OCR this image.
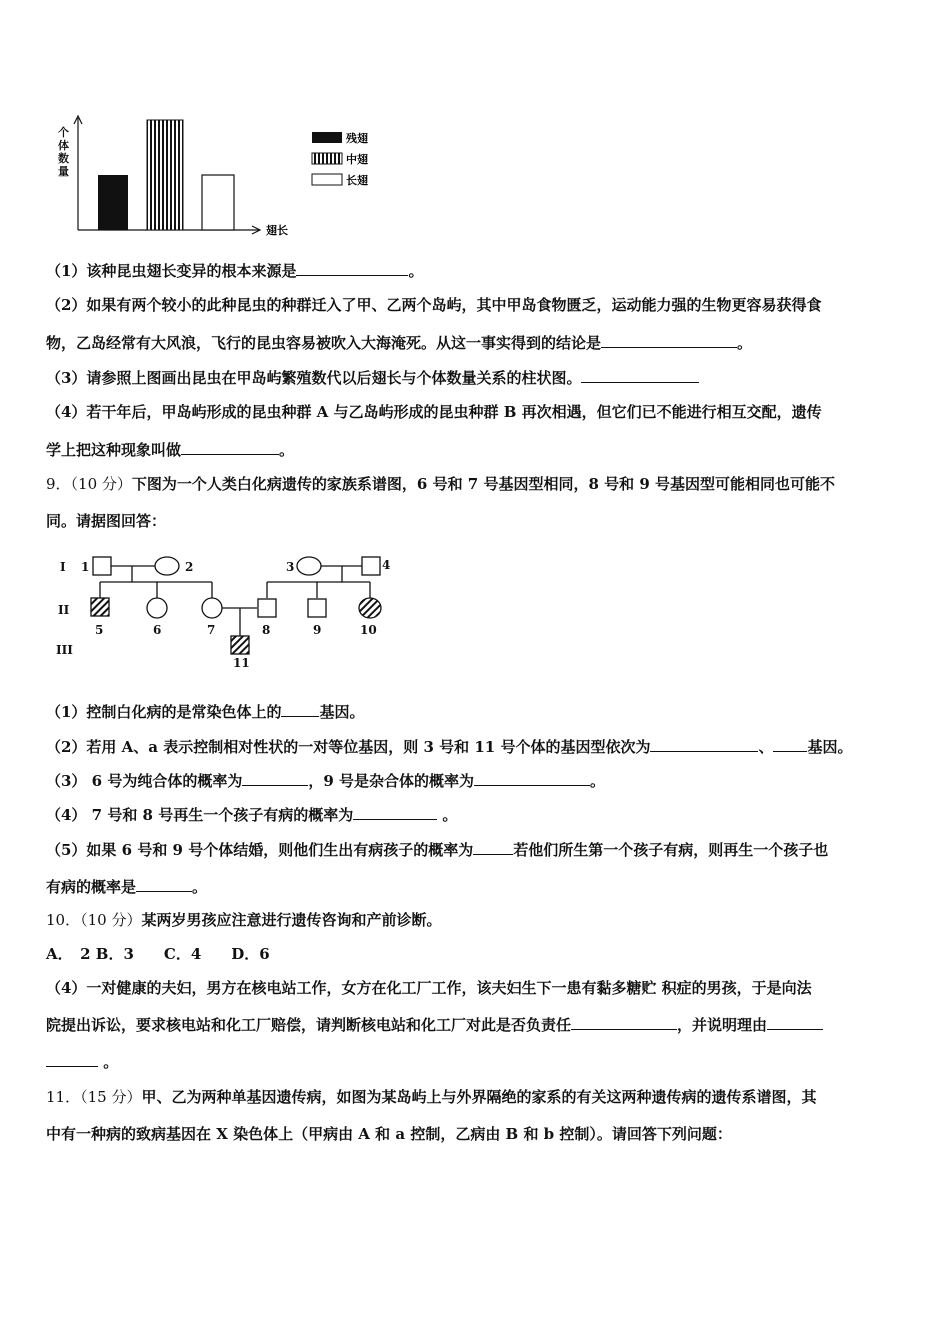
个
体
数
量
翅长
残翅
中翅
长翅
（1）该种昆虫翅长变异的根本来源是	。
（2）如果有两个较小的此种昆虫的种群迁入了甲、乙两个岛屿，其中甲岛食物匮乏，运动能力强的生物更容易获得食
物，乙岛经常有大风浪，飞行的昆虫容易被吹入大海淹死。从这一事实得到的结论是	。
（3）请参照上图画出昆虫在甲岛屿繁殖数代以后翅长与个体数量关系的柱状图。
（4）若干年后，甲岛屿形成的昆虫种群 A 与乙岛屿形成的昆虫种群 B 再次相遇，但它们已不能进行相互交配，遗传
学上把这种现象叫做	。
9．（10 分）下图为一个人类白化病遗传的家族系谱图，6 号和 7 号基因型相同，8 号和 9 号基因型可能相同也可能不
同。请据图回答：
I
II
III
1	2	3	4
5	6	7	8	9	10
11
（1）控制白化病的是常染色体上的	基因。
（2）若用 A、a 表示控制相对性状的一对等位基因，则 3 号和 11 号个体的基因型依次为	、 基因。
（3） 6 号为纯合体的概率为	，9 号是杂合体的概率为	。
（4） 7 号和 8 号再生一个孩子有病的概率为	。
（5）如果 6 号和 9 号个体结婚，则他们生出有病孩子的概率为	若他们所生第一个孩子有病，则再生一个孩子也
有病的概率是	。
10．（10 分）某两岁男孩应注意进行遗传咨询和产前诊断。
A．　2 B．3　　C．4　　D．6
（4）一对健康的夫妇，男方在核电站工作，女方在化工厂工作，该夫妇生下一患有黏多糖贮 积症的男孩，于是向法
院提出诉讼，要求核电站和化工厂赔偿，请判断核电站和化工厂对此是否负责任	，并说明理由
。
11．（15 分）甲、乙为两种单基因遗传病，如图为某岛屿上与外界隔绝的家系的有关这两种遗传病的遗传系谱图，其
中有一种病的致病基因在 X 染色体上（甲病由 A 和 a 控制，乙病由 B 和 b 控制）。请回答下列问题：
